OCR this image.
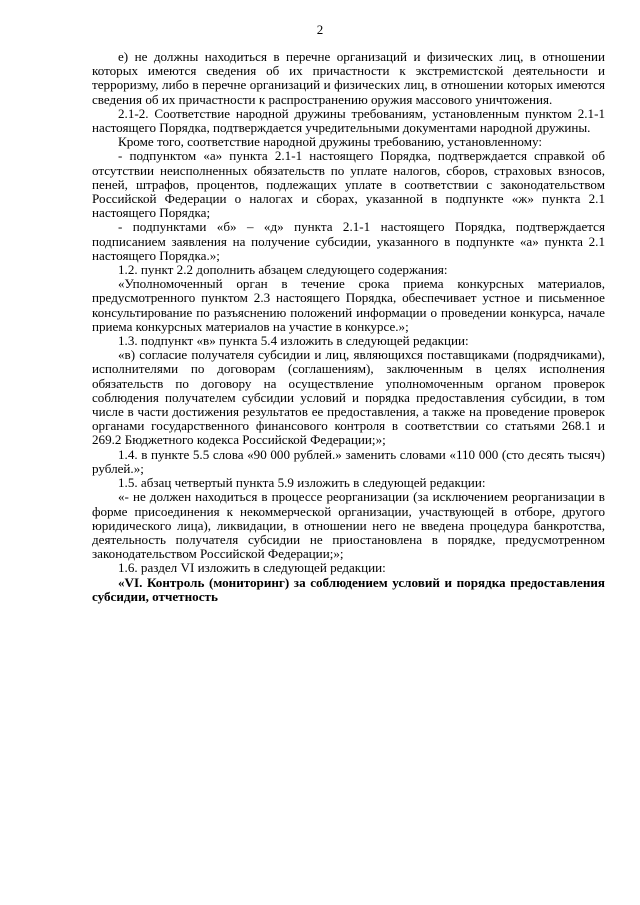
2

е) не должны находиться в перечне организаций и физических лиц, в отношении которых имеются сведения об их причастности к экстремистской деятельности и терроризму, либо в перечне организаций и физических лиц, в отношении которых имеются сведения об их причастности к распространению оружия массового уничтожения.

2.1-2. Соответствие народной дружины требованиям, установленным пунктом 2.1-1 настоящего Порядка, подтверждается учредительными документами народной дружины.

Кроме того, соответствие народной дружины требованию, установленному:

- подпунктом «а» пункта 2.1-1 настоящего Порядка, подтверждается справкой об отсутствии неисполненных обязательств по уплате налогов, сборов, страховых взносов, пеней, штрафов, процентов, подлежащих уплате в соответствии с законодательством Российской Федерации о налогах и сборах, указанной в подпункте «ж» пункта 2.1 настоящего Порядка;

- подпунктами «б» – «д» пункта 2.1-1 настоящего Порядка, подтверждается подписанием заявления на получение субсидии, указанного в подпункте «а» пункта 2.1 настоящего Порядка.»;

1.2. пункт 2.2 дополнить абзацем следующего содержания:

«Уполномоченный орган в течение срока приема конкурсных материалов, предусмотренного пунктом 2.3 настоящего Порядка, обеспечивает устное и письменное консультирование по разъяснению положений информации о проведении конкурса, начале приема конкурсных материалов на участие в конкурсе.»;

1.3. подпункт «в» пункта 5.4 изложить в следующей редакции:

«в) согласие получателя субсидии и лиц, являющихся поставщиками (подрядчиками), исполнителями по договорам (соглашениям), заключенным в целях исполнения обязательств по договору на осуществление уполномоченным органом проверок соблюдения получателем субсидии условий и порядка предоставления субсидии, в том числе в части достижения результатов ее предоставления, а также на проведение проверок органами государственного финансового контроля в соответствии со статьями 268.1 и 269.2 Бюджетного кодекса Российской Федерации;»;

1.4. в пункте 5.5 слова «90 000 рублей.» заменить словами «110 000 (сто десять тысяч) рублей.»;

1.5. абзац четвертый пункта 5.9 изложить в следующей редакции:

«- не должен находиться в процессе реорганизации (за исключением реорганизации в форме присоединения к некоммерческой организации, участвующей в отборе, другого юридического лица), ликвидации, в отношении него не введена процедура банкротства, деятельность получателя субсидии не приостановлена в порядке, предусмотренном законодательством Российской Федерации;»;

1.6. раздел VI изложить в следующей редакции:

«VI. Контроль (мониторинг) за соблюдением условий и порядка предоставления субсидии, отчетность
